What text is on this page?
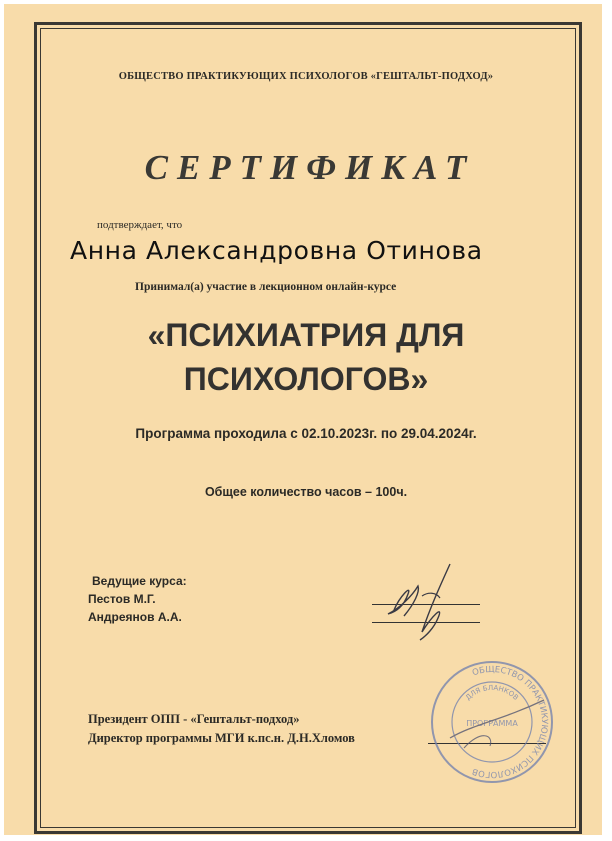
ОБЩЕСТВО ПРАКТИКУЮЩИХ ПСИХОЛОГОВ «ГЕШТАЛЬТ-ПОДХОД»
СЕРТИФИКАТ
подтверждает, что
Анна Александровна Отинова
Принимал(а) участие в лекционном онлайн-курсе
«ПСИХИАТРИЯ ДЛЯ
ПСИХОЛОГОВ»
Программа проходила с 02.10.2023г. по 29.04.2024г.
Общее количество часов – 100ч.
Ведущие курса:
Пестов М.Г.
Андреянов А.А.
Президент ОПП - «Гештальт-подход»
Директор программы МГИ к.пс.н. Д.Н.Хломов
ОБЩЕСТВО ПРАКТИКУЮЩИХ ПСИХОЛОГОВ
ДЛЯ БЛАНКОВ
ПРОГРАММА
